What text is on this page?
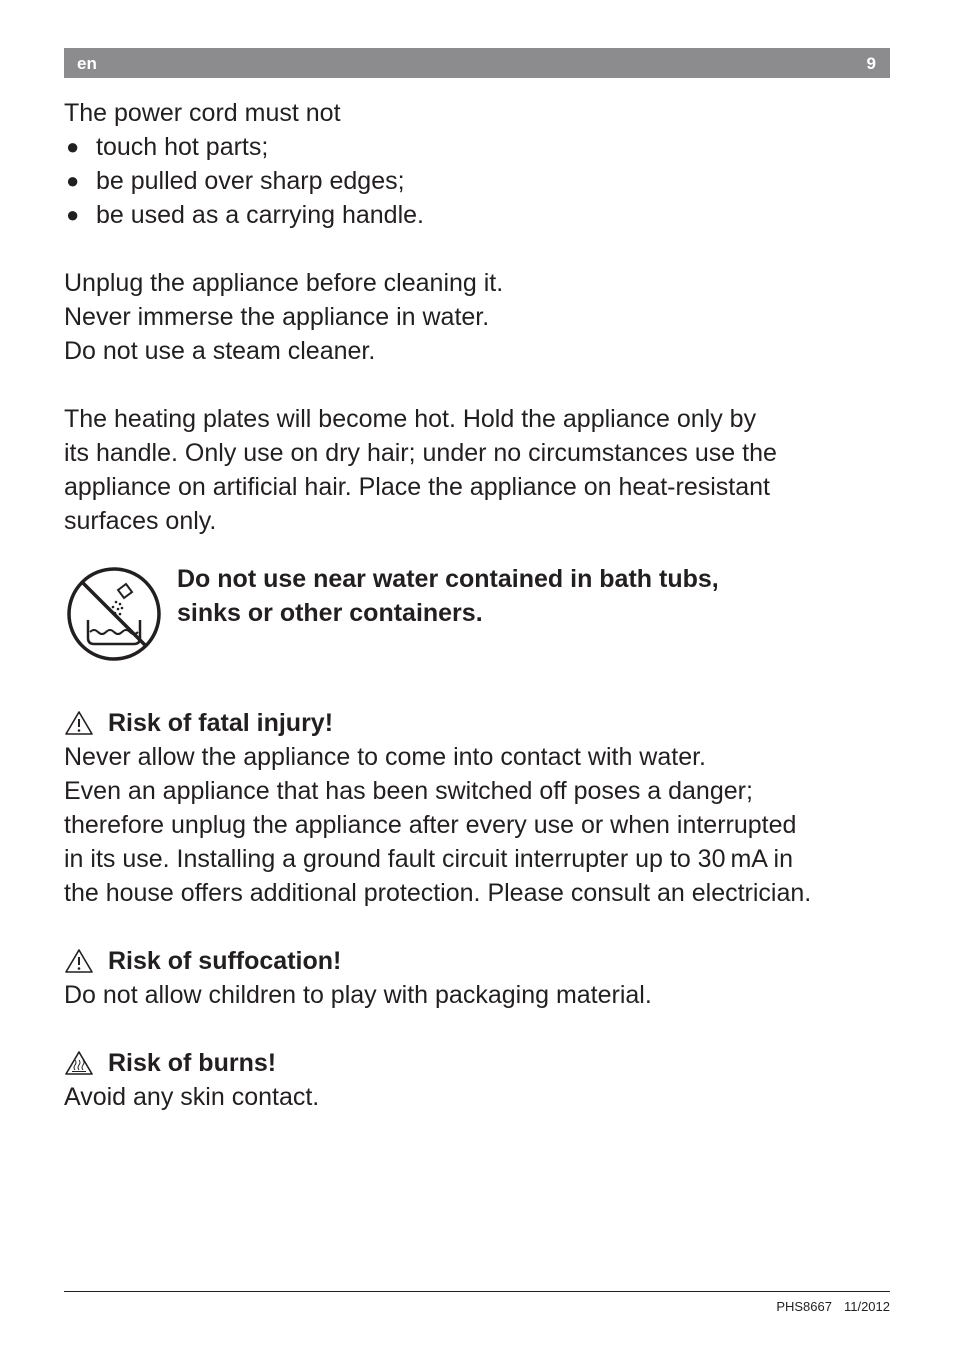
en	9

The power cord must not

● touch hot parts;
● be pulled over sharp edges;
● be used as a carrying handle.

Unplug the appliance before cleaning it.

Never immerse the appliance in water.

Do not use a steam cleaner.

The heating plates will become hot. Hold the appliance only by

its handle. Only use on dry hair; under no circumstances use the

appliance on artificial hair. Place the appliance on heat-resistant

surfaces only.

Do not use near water contained in bath tubs,
sinks or other containers.
Risk of fatal injury!

Never allow the appliance to come into contact with water.

Even an appliance that has been switched off poses a danger;

therefore unplug the appliance after every use or when interrupted

in its use. Installing a ground fault circuit interrupter up to 30 mA in

the house offers additional protection. Please consult an electrician.

Risk of suffocation!

Do not allow children to play with packaging material.

Risk of burns!

Avoid any skin contact.

PHS8667 11/2012
